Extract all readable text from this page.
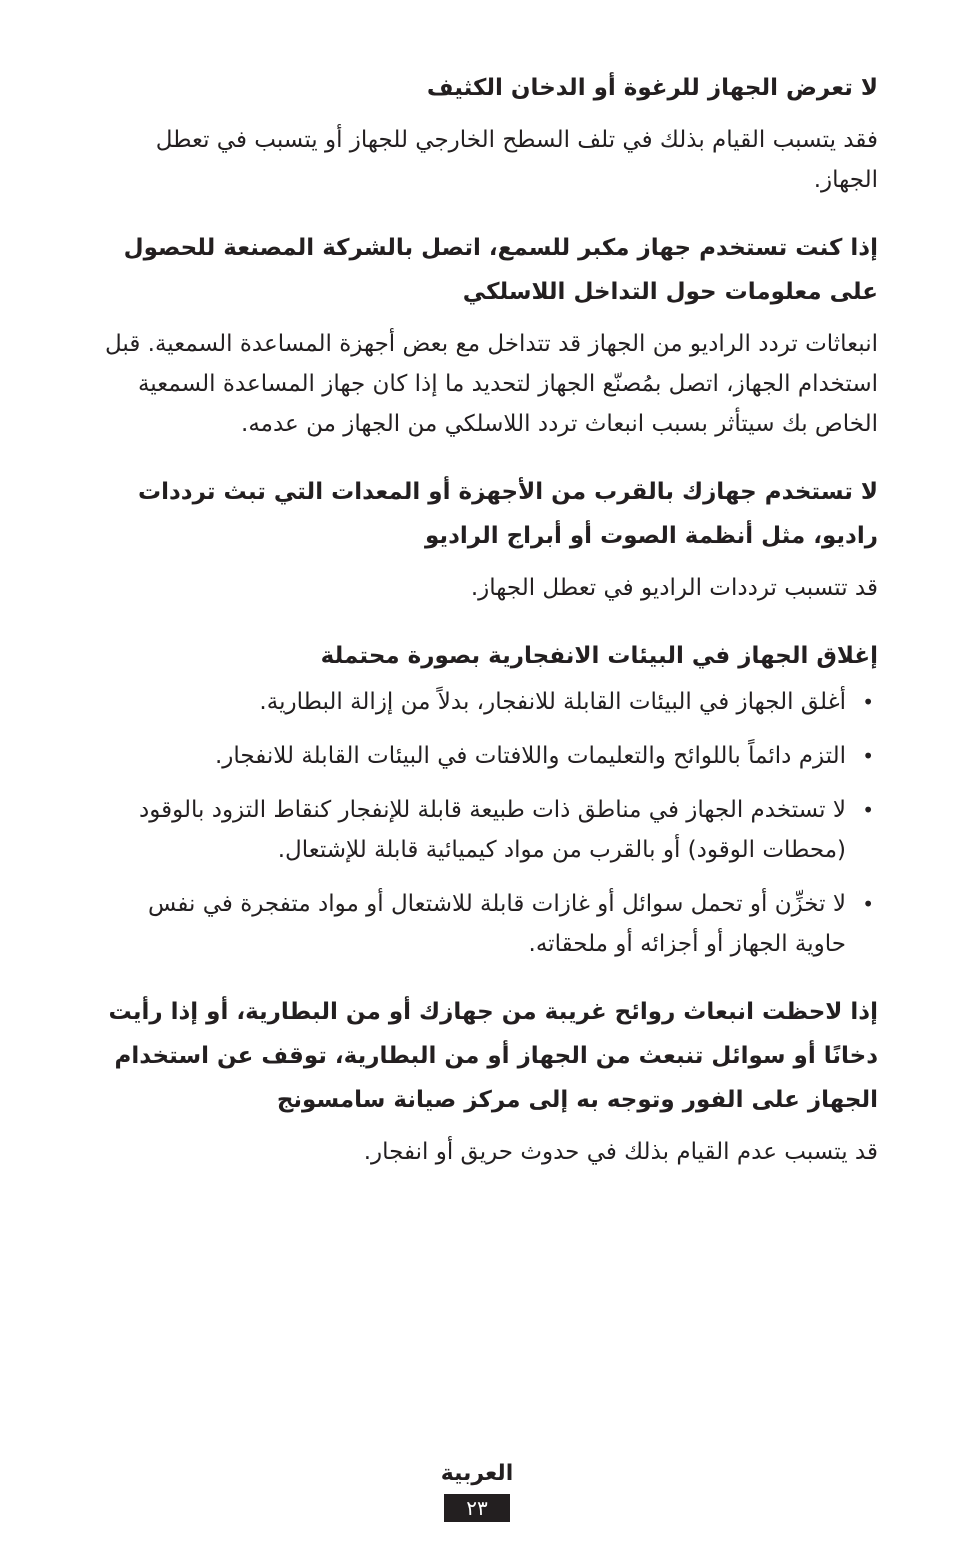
لا تعرض الجهاز للرغوة أو الدخان الكثيف

فقد يتسبب القيام بذلك في تلف السطح الخارجي للجهاز أو يتسبب في تعطل الجهاز.

إذا كنت تستخدم جهاز مكبر للسمع، اتصل بالشركة المصنعة للحصول على معلومات حول التداخل اللاسلكي

انبعاثات تردد الراديو من الجهاز قد تتداخل مع بعض أجهزة المساعدة السمعية. قبل استخدام الجهاز، اتصل بمُصنّع الجهاز لتحديد ما إذا كان جهاز المساعدة السمعية الخاص بك سيتأثر بسبب انبعاث تردد اللاسلكي من الجهاز من عدمه.

لا تستخدم جهازك بالقرب من الأجهزة أو المعدات التي تبث ترددات راديو، مثل أنظمة الصوت أو أبراج الراديو

قد تتسبب ترددات الراديو في تعطل الجهاز.

إغلاق الجهاز في البيئات الانفجارية بصورة محتملة
•
أغلق الجهاز في البيئات القابلة للانفجار، بدلاً من إزالة البطارية.
•
التزم دائماً باللوائح والتعليمات واللافتات في البيئات القابلة للانفجار.
•
لا تستخدم الجهاز في مناطق ذات طبيعة قابلة للإنفجار كنقاط التزود بالوقود (محطات الوقود) أو بالقرب من مواد كيميائية قابلة للإشتعال.
•
لا تخزِّن أو تحمل سوائل أو غازات قابلة للاشتعال أو مواد متفجرة في نفس حاوية الجهاز أو أجزائه أو ملحقاته.
إذا لاحظت انبعاث روائح غريبة من جهازك أو من البطارية، أو إذا رأيت دخانًا أو سوائل تنبعث من الجهاز أو من البطارية، توقف عن استخدام الجهاز على الفور وتوجه به إلى مركز صيانة سامسونج

قد يتسبب عدم القيام بذلك في حدوث حريق أو انفجار.

العربية
٢٣
